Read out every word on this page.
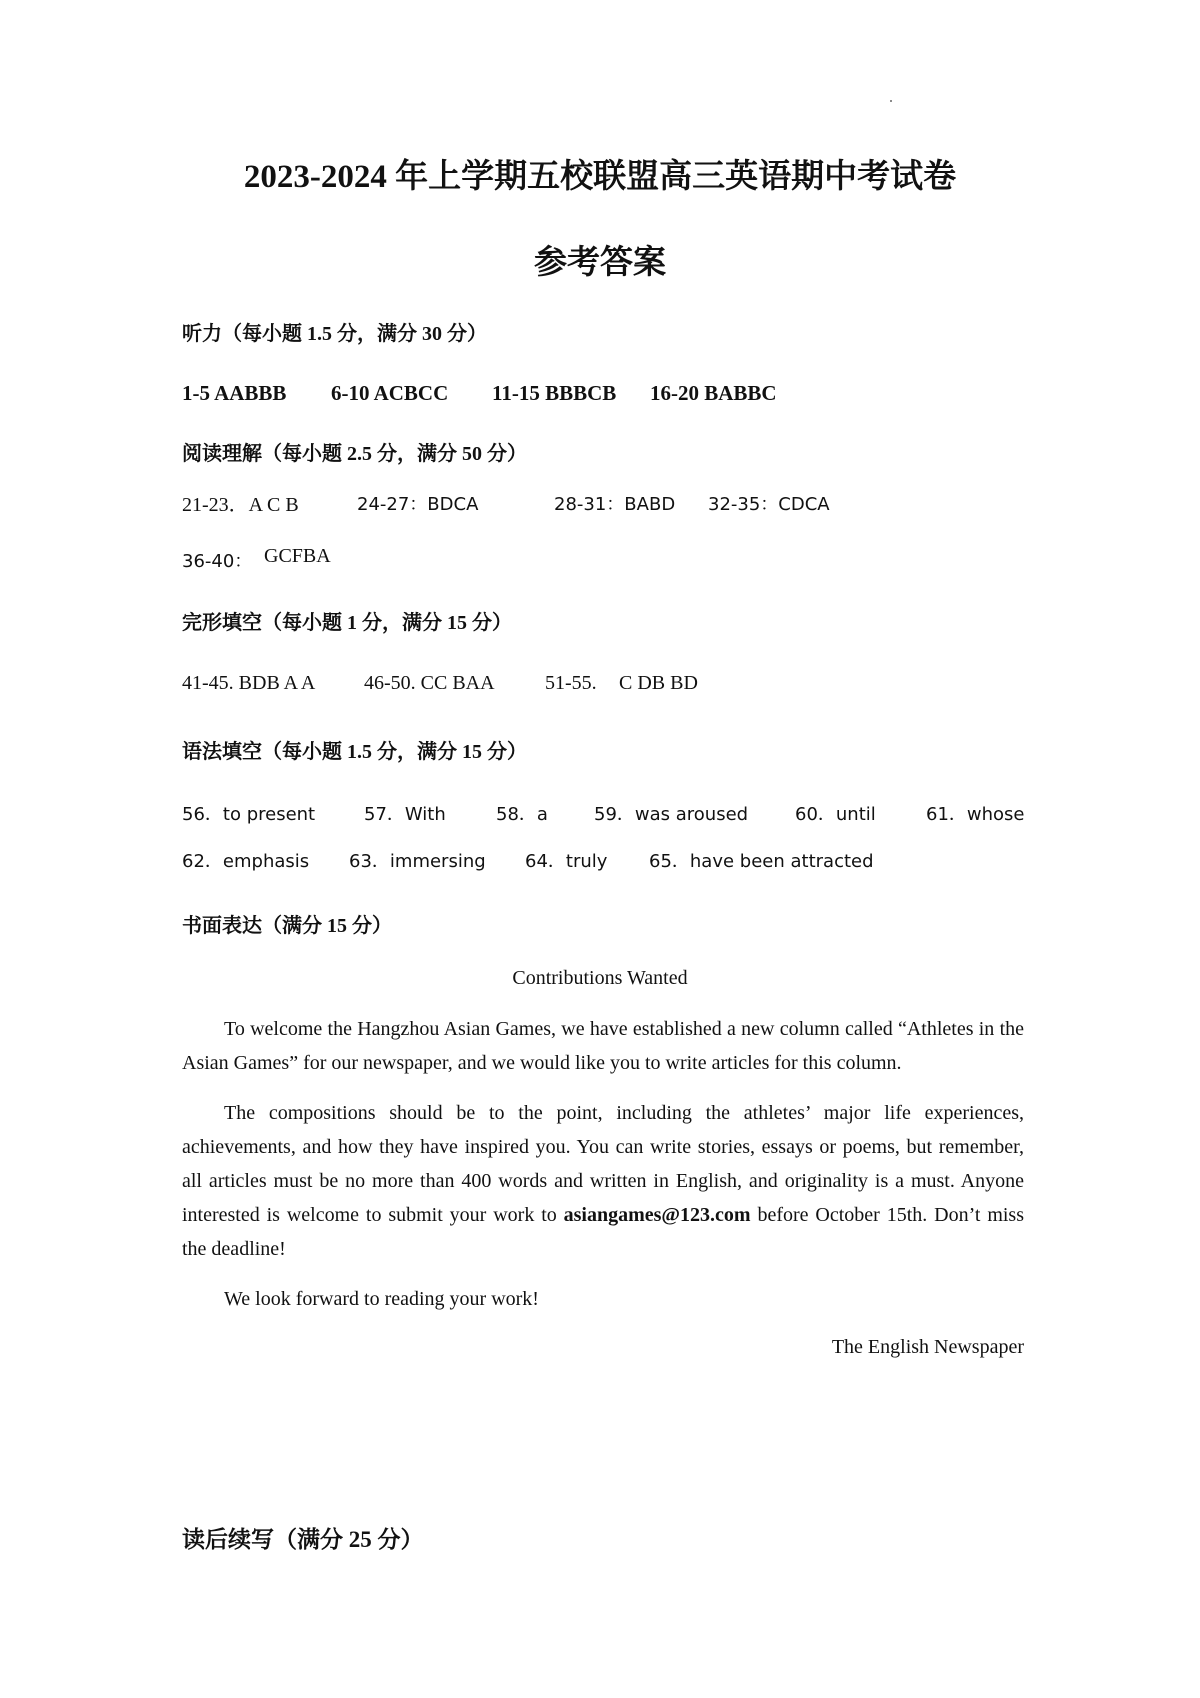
2023-2024 年上学期五校联盟高三英语期中考试卷
参考答案
听力（每小题 1.5 分，满分 30 分）
1-5 AABBB 6-10 ACBCC 11-15 BBBCB 16-20 BABBC
阅读理解（每小题 2.5 分，满分 50 分）
21-23．A C B	24-27：BDCA	28-31：BABD 32-35：CDCA
36-40： GCFBA
完形填空（每小题 1 分，满分 15 分）
41-45. BDB A A 46-50. CC BAA	51-55. C DB BD
语法填空（每小题 1.5 分，满分 15 分）
56．to present	57．With	58．a	59．was aroused	60．until	61．whose
62．emphasis 63．immersing 64．truly 65．have been attracted
书面表达（满分 15 分）
Contributions Wanted
To welcome the Hangzhou Asian Games, we have established a new column called “Athletes in the Asian Games” for our newspaper, and we would like you to write articles for this column.
The compositions should be to the point, including the athletes’ major life experiences, achievements, and how they have inspired you. You can write stories, essays or poems, but remember, all articles must be no more than 400 words and written in English, and originality is a must. Anyone interested is welcome to submit your work to asiangames@123.com before October 15th. Don’t miss the deadline!
We look forward to reading your work!
The English Newspaper
读后续写（满分 25 分）
